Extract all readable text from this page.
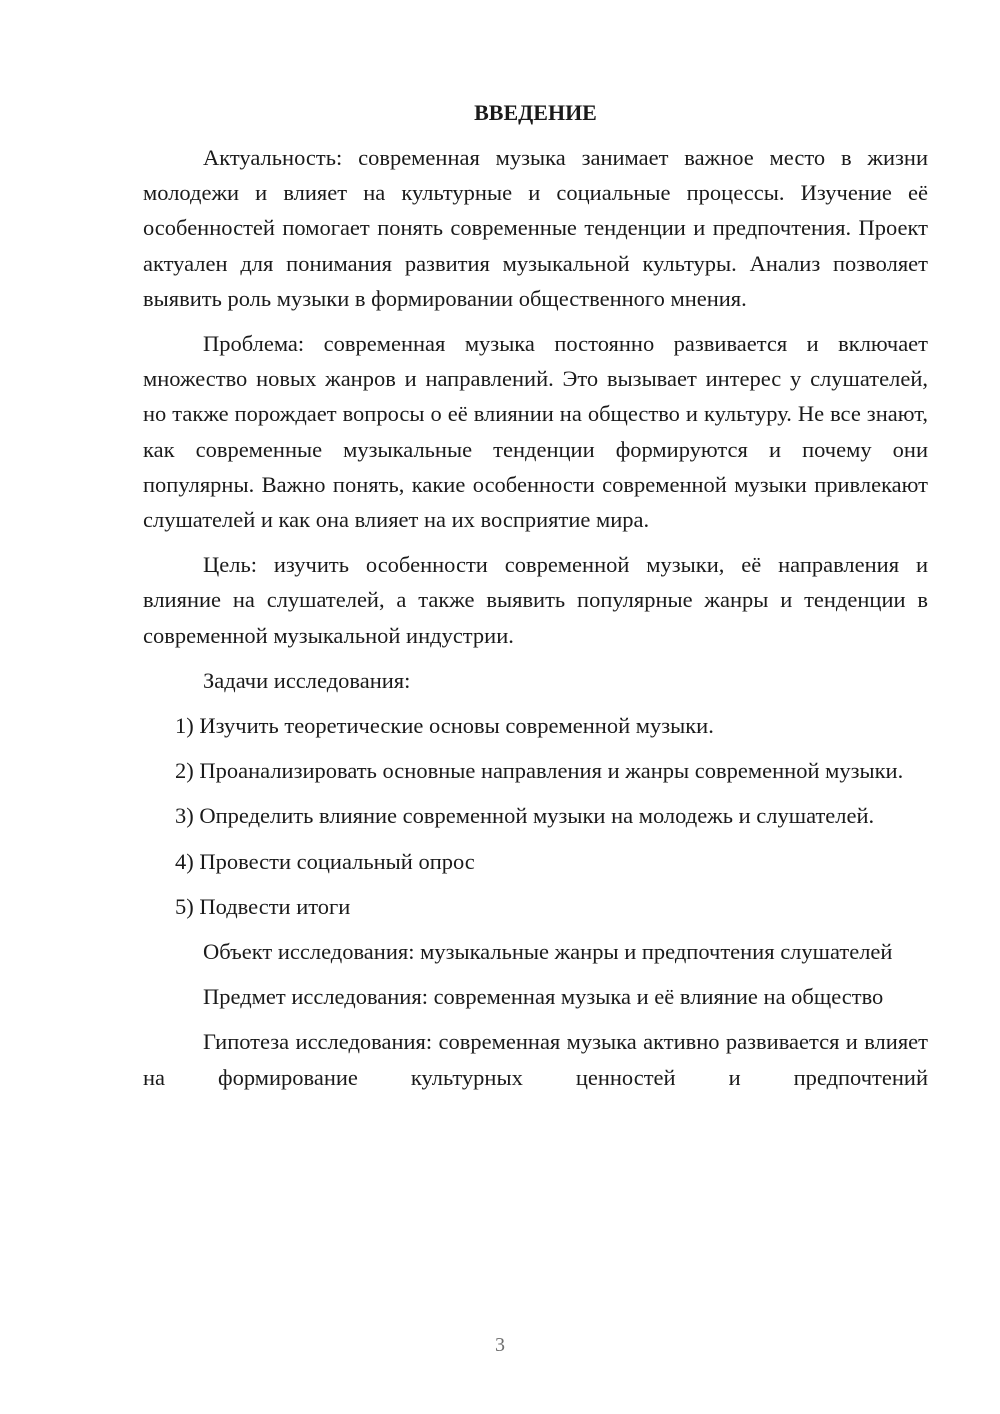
ВВЕДЕНИЕ

Актуальность: современная музыка занимает важное место в жизни молодежи и влияет на культурные и социальные процессы. Изучение её особенностей помогает понять современные тенденции и предпочтения. Проект актуален для понимания развития музыкальной культуры. Анализ позволяет выявить роль музыки в формировании общественного мнения.

Проблема: современная музыка постоянно развивается и включает множество новых жанров и направлений. Это вызывает интерес у слушателей, но также порождает вопросы о её влиянии на общество и культуру. Не все знают, как современные музыкальные тенденции формируются и почему они популярны. Важно понять, какие особенности современной музыки привлекают слушателей и как она влияет на их восприятие мира.

Цель: изучить особенности современной музыки, её направления и влияние на слушателей, а также выявить популярные жанры и тенденции в современной музыкальной индустрии.

Задачи исследования:

1) Изучить теоретические основы современной музыки.

2) Проанализировать основные направления и жанры современной музыки.

3) Определить влияние современной музыки на молодежь и слушателей.

4) Провести социальный опрос

5) Подвести итоги

Объект исследования: музыкальные жанры и предпочтения слушателей

Предмет исследования: современная музыка и её влияние на общество

Гипотеза исследования: современная музыка активно развивается и влияет на формирование культурных ценностей и предпочтений

3
